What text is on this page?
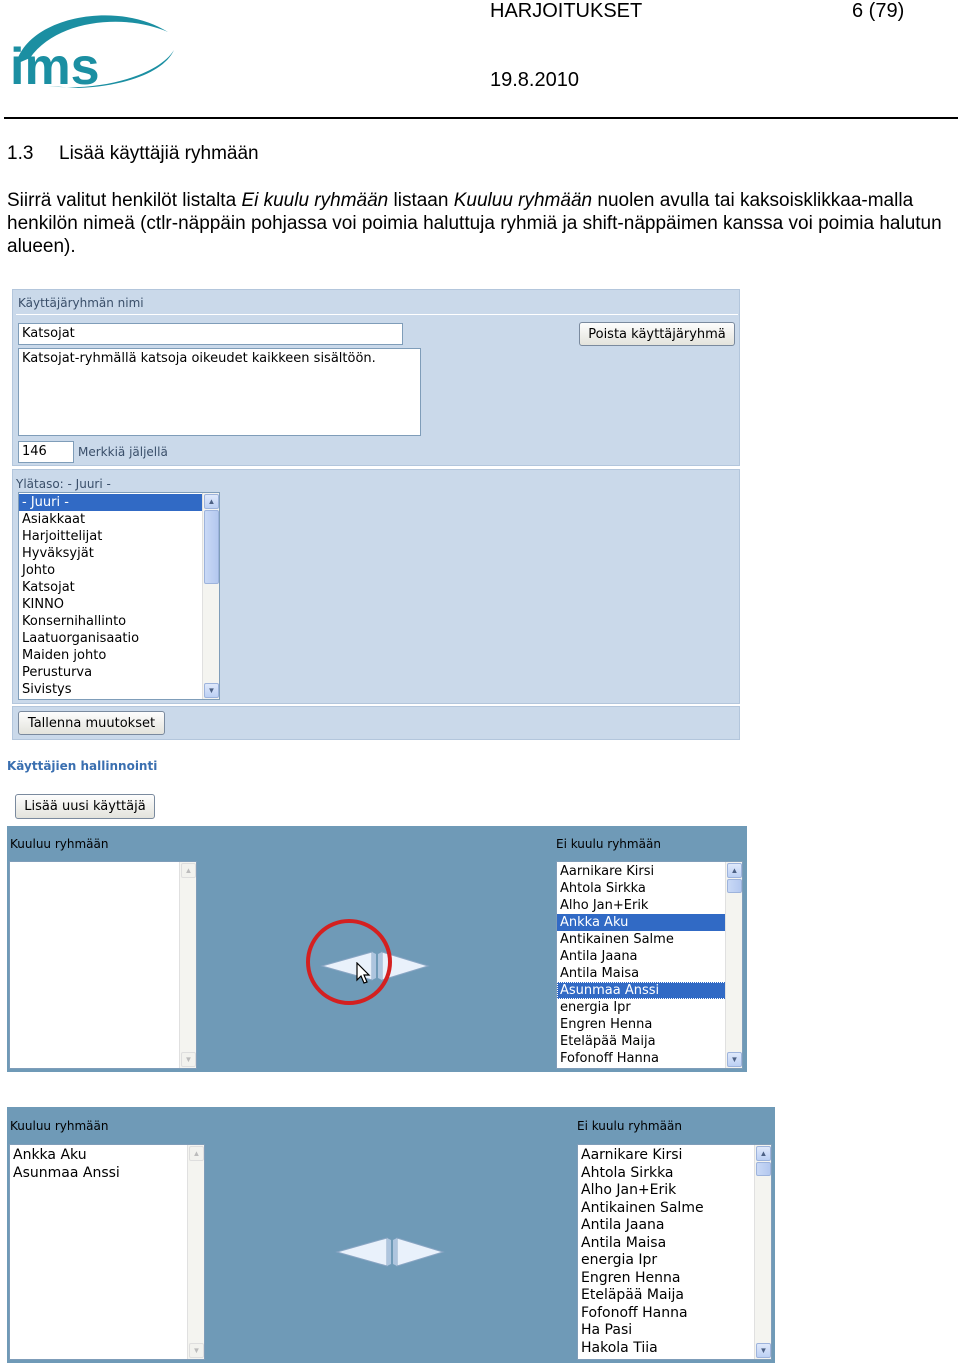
ims
HARJOITUKSET	6 (79)
19.8.2010
1.3 Lisää käyttäjiä ryhmään

Siirrä valitut henkilöt listalta Ei kuulu ryhmään listaan Kuuluu ryhmään nuolen avulla tai kaksoisklikkaa-malla henkilön nimeä (ctlr-näppäin pohjassa voi poimia haluttuja ryhmiä ja shift-näppäimen kanssa voi poimia halutun alueen).

Käyttäjäryhmän nimi
Katsojat	Poista käyttäjäryhmä
Katsojat-ryhmällä katsoja oikeudet kaikkeen sisältöön.
146	Merkkiä jäljellä
Ylätaso: - Juuri -
- Juuri -
Asiakkaat
Harjoittelijat
Hyväksyjät
Johto
Katsojat
KINNO
Konsernihallinto
Laatuorganisaatio
Maiden johto
Perusturva
Sivistys
▲
▼
Tallenna muutokset
Käyttäjien hallinnointi
Lisää uusi käyttäjä
Kuuluu ryhmään	Ei kuulu ryhmään
▲
▼
Aarnikare Kirsi
Ahtola Sirkka
Alho Jan+Erik
Ankka Aku
Antikainen Salme
Antila Jaana
Antila Maisa
Asunmaa Anssi
energia Ipr
Engren Henna
Eteläpää Maija
Fofonoff Hanna
▲
▼
Kuuluu ryhmään	Ei kuulu ryhmään
Ankka Aku
Asunmaa Anssi
▲
▼
Aarnikare Kirsi
Ahtola Sirkka
Alho Jan+Erik
Antikainen Salme
Antila Jaana
Antila Maisa
energia Ipr
Engren Henna
Eteläpää Maija
Fofonoff Hanna
Ha Pasi
Hakola Tiia
▲
▼
